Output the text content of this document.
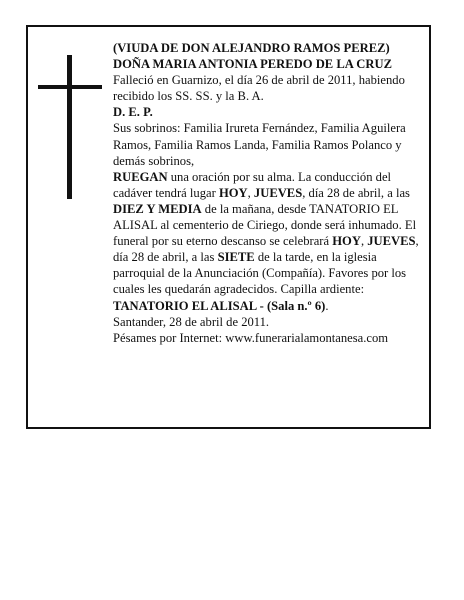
(VIUDA DE DON ALEJANDRO RAMOS PEREZ)

DOÑA MARIA ANTONIA PEREDO DE LA CRUZ

Falleció en Guarnizo, el día 26 de abril de 2011, habiendo recibido los SS. SS. y la B. A.

D. E. P.

Sus sobrinos: Familia Irureta Fernández, Familia Aguilera Ramos, Familia Ramos Landa, Familia Ramos Polanco y demás sobrinos,

RUEGAN una oración por su alma. La conducción del cadáver tendrá lugar HOY, JUEVES, día 28 de abril, a las DIEZ Y MEDIA de la mañana, desde TANATORIO EL ALISAL al cementerio de Ciriego, donde será inhumado. El funeral por su eterno descanso se celebrará HOY, JUEVES, día 28 de abril, a las SIETE de la tarde, en la iglesia parroquial de la Anunciación (Compañía). Favores por los cuales les quedarán agradecidos. Capilla ardiente: TANATORIO EL ALISAL - (Sala n.º 6).

Santander, 28 de abril de 2011.

Pésames por Internet: www.funerarialamontanesa.com
